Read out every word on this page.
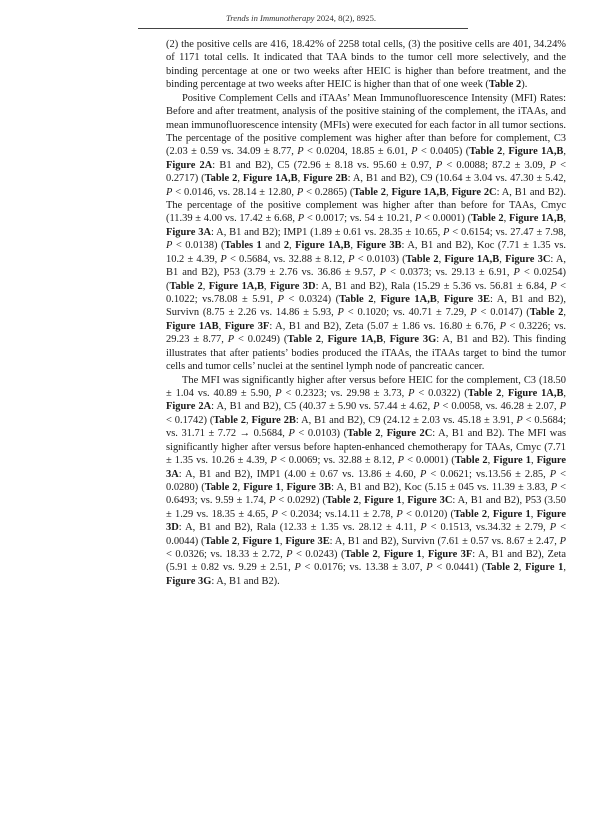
Trends in Immunotherapy 2024, 8(2), 8925.

(2) the positive cells are 416, 18.42% of 2258 total cells, (3) the positive cells are 401, 34.24% of 1171 total cells. It indicated that TAA binds to the tumor cell more selectively, and the binding percentage at one or two weeks after HEIC is higher than before treatment, and the binding percentage at two weeks after HEIC is higher than that of one week (Table 2).

Positive Complement Cells and iTAAs’ Mean Immunofluorescence Intensity (MFI) Rates: Before and after treatment, analysis of the positive staining of the complement, the iTAAs, and mean immunofluorescence intensity (MFIs) were executed for each factor in all tumor sections. The percentage of the positive complement was higher after than before for complement, C3 (2.03 ± 0.59 vs. 34.09 ± 8.77, P < 0.0204, 18.85 ± 6.01, P < 0.0405) (Table 2, Figure 1A,B, Figure 2A: B1 and B2), C5 (72.96 ± 8.18 vs. 95.60 ± 0.97, P < 0.0088; 87.2 ± 3.09, P < 0.2717) (Table 2, Figure 1A,B, Figure 2B: A, B1 and B2), C9 (10.64 ± 3.04 vs. 47.30 ± 5.42, P < 0.0146, vs. 28.14 ± 12.80, P < 0.2865) (Table 2, Figure 1A,B, Figure 2C: A, B1 and B2). The percentage of the positive complement was higher after than before for TAAs, Cmyc (11.39 ± 4.00 vs. 17.42 ± 6.68, P < 0.0017; vs. 54 ± 10.21, P < 0.0001) (Table 2, Figure 1A,B, Figure 3A: A, B1 and B2); IMP1 (1.89 ± 0.61 vs. 28.35 ± 10.65, P < 0.6154; vs. 27.47 ± 7.98, P < 0.0138) (Tables 1 and 2, Figure 1A,B, Figure 3B: A, B1 and B2), Koc (7.71 ± 1.35 vs. 10.2 ± 4.39, P < 0.5684, vs. 32.88 ± 8.12, P < 0.0103) (Table 2, Figure 1A,B, Figure 3C: A, B1 and B2), P53 (3.79 ± 2.76 vs. 36.86 ± 9.57, P < 0.0373; vs. 29.13 ± 6.91, P < 0.0254) (Table 2, Figure 1A,B, Figure 3D: A, B1 and B2), Rala (15.29 ± 5.36 vs. 56.81 ± 6.84, P < 0.1022; vs.78.08 ± 5.91, P < 0.0324) (Table 2, Figure 1A,B, Figure 3E: A, B1 and B2), Survivn (8.75 ± 2.26 vs. 14.86 ± 5.93, P < 0.1020; vs. 40.71 ± 7.29, P < 0.0147) (Table 2, Figure 1AB, Figure 3F: A, B1 and B2), Zeta (5.07 ± 1.86 vs. 16.80 ± 6.76, P < 0.3226; vs. 29.23 ± 8.77, P < 0.0249) (Table 2, Figure 1A,B, Figure 3G: A, B1 and B2). This finding illustrates that after patients’ bodies produced the iTAAs, the iTAAs target to bind the tumor cells and tumor cells’ nuclei at the sentinel lymph node of pancreatic cancer.

The MFI was significantly higher after versus before HEIC for the complement, C3 (18.50 ± 1.04 vs. 40.89 ± 5.90, P < 0.2323; vs. 29.98 ± 3.73, P < 0.0322) (Table 2, Figure 1A,B, Figure 2A: A, B1 and B2), C5 (40.37 ± 5.90 vs. 57.44 ± 4.62, P < 0.0058, vs. 46.28 ± 2.07, P < 0.1742) (Table 2, Figure 2B: A, B1 and B2), C9 (24.12 ± 2.03 vs. 45.18 ± 3.91, P < 0.5684; vs. 31.71 ± 7.72 → 0.5684, P < 0.0103) (Table 2, Figure 2C: A, B1 and B2). The MFI was significantly higher after versus before hapten-enhanced chemotherapy for TAAs, Cmyc (7.71 ± 1.35 vs. 10.26 ± 4.39, P < 0.0069; vs. 32.88 ± 8.12, P < 0.0001) (Table 2, Figure 1, Figure 3A: A, B1 and B2), IMP1 (4.00 ± 0.67 vs. 13.86 ± 4.60, P < 0.0621; vs.13.56 ± 2.85, P < 0.0280) (Table 2, Figure 1, Figure 3B: A, B1 and B2), Koc (5.15 ± 045 vs. 11.39 ± 3.83, P < 0.6493; vs. 9.59 ± 1.74, P < 0.0292) (Table 2, Figure 1, Figure 3C: A, B1 and B2), P53 (3.50 ± 1.29 vs. 18.35 ± 4.65, P < 0.2034; vs.14.11 ± 2.78, P < 0.0120) (Table 2, Figure 1, Figure 3D: A, B1 and B2), Rala (12.33 ± 1.35 vs. 28.12 ± 4.11, P < 0.1513, vs.34.32 ± 2.79, P < 0.0044) (Table 2, Figure 1, Figure 3E: A, B1 and B2), Survivn (7.61 ± 0.57 vs. 8.67 ± 2.47, P < 0.0326; vs. 18.33 ± 2.72, P < 0.0243) (Table 2, Figure 1, Figure 3F: A, B1 and B2), Zeta (5.91 ± 0.82 vs. 9.29 ± 2.51, P < 0.0176; vs. 13.38 ± 3.07, P < 0.0441) (Table 2, Figure 1, Figure 3G: A, B1 and B2).
